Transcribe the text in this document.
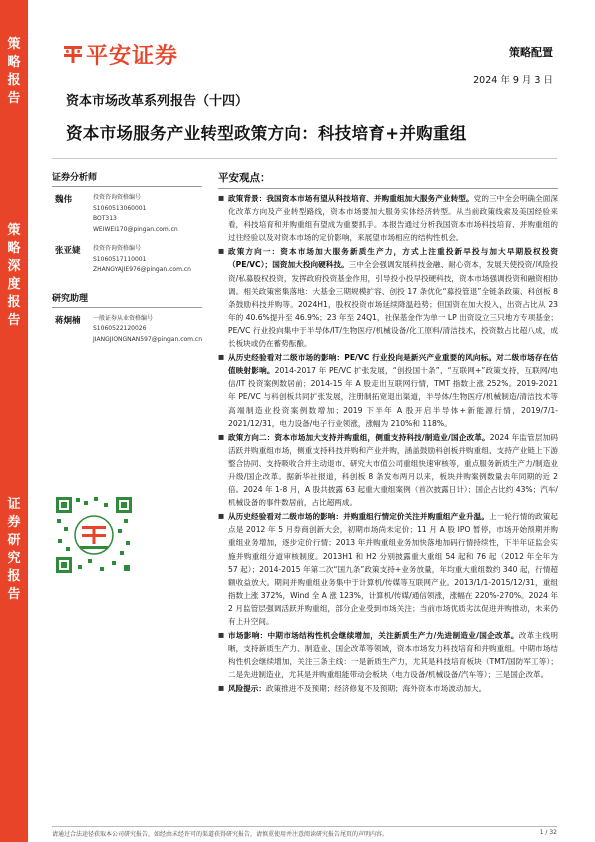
策
略
报
告
策
略
深
度
报
告
证
券
研
究
报
告
平安证券	策略配置
2024 年 9 月 3 日
资本市场改革系列报告（十四）
资本市场服务产业转型政策方向：科技培育+并购重组
证券分析师
魏伟	投资咨询资格编号
S1060513060001
BOT313
WEIWEI170@pingan.com.cn
张亚婕 投资咨询资格编号
S1060517110001
ZHANGYAJIE976@pingan.com.cn
研究助理
蒋炯楠 一般证券从业资格编号
S1060522120026
JIANGJIONGNAN597@pingan.com.cn
平安观点：
■ 政策背景：我国资本市场有望从科技培育、并购重组加大服务产业转型。党的三中全会明确全面深化改革方向及产业转型路线，资本市场要加大服务实体经济转型。从当前政策线索及美国经验来看，科技培育和并购重组有望成为重要抓手。本报告通过分析我国资本市场科技培育、并购重组的过往经验以及对资本市场的定价影响，来展望市场相应的结构性机会。
■ 政策方向一：资本市场加大服务新质生产力，方式上注重投新早投与加大早期股权投资（PE/VC）；国资加大投向硬科技。三中全会强调发展科技金融、耐心资本，发展天使投资/风险投资/私募股权投资，发挥政府投资基金作用，引导投小投早投硬科技，资本市场强调投资和融资相协调。相关政策密集落地：大基金三期规模扩容、创投 17 条优化“募投管退”全链条政策、科创板 8 条鼓励科技并购等。2024H1，股权投资市场延续降温趋势；但国资在加大投入，出资占比从 23 年的 40.6%提升至 46.9%；23 年至 24Q1，社保基金作为单一 LP 出资设立三只地方专项基金；PE/VC 行业投向集中于半导体/IT/生物医疗/机械设备/化工原料/清洁技术，投资数占比超八成，成长板块或仍在蓄势酝酿。
■ 从历史经验看对二级市场的影响：PE/VC 行业投向是新兴产业重要的风向标。对二级市场存在估值映射影响。2014-2017 年 PE/VC 扩张发展，“创投国十条”、“互联网+”政策支持，互联网/电信/IT 投资案例数居前；2014-15 年 A 股走出互联网行情，TMT 指数上涨 252%。2019-2021 年 PE/VC 与科创板共同扩张发展，注册制拓宽退出渠道，半导体/生物医疗/机械制造/清洁技术等高端制造业投资案例数增加；2019 下半年 A 股开启半导体+新能源行情，2019/7/1-2021/12/31，电力设备/电子行业领涨，涨幅为 210%和 118%。
■ 政策方向二：资本市场加大支持并购重组，侧重支持科技/制造业/国企改革。2024 年监管层加码活跃并购重组市场，侧重支持科技并购和产业并购，涵盖鼓励科创板并购重组、支持产业链上下游整合协同、支持吸收合并主动退市、研究大市值公司重组快速审核等，重点服务新质生产力/制造业升级/国企改革。据新华社报道，科创板 8 条发布两月以来，板块并购案例数量去年同期的近 2 倍。2024 年 1-8 月，A 股共披露 63 起重大重组案例（首次披露日计）；国企占比约 43%；汽车/机械设备的事件数居前，占比超两成。
■ 从历史经验看对二级市场的影响：并购重组行情定价关注并购重组产业升温。上一轮行情的政策起点是 2012 年 5 月券商创新大会，初期市场尚未定价；11 月 A 股 IPO 暂停，市场开始预期并购重组业务增加，逐步定价行情；2013 年并购重组业务加快落地加码行情持续性，下半年证监会实施并购重组分道审核制度。2013H1 和 H2 分别披露重大重组 54 起和 76 起（2012 年全年为 57 起）；2014-2015 年第二次“国九条”政策支持+业务放量，年均重大重组数约 340 起，行情超额收益放大。期间并购重组业务集中于计算机/传媒等互联网产业。2013/1/1-2015/12/31，重组指数上涨 372%，Wind 全 A 涨 123%，计算机/传媒/通信领涨，涨幅在 220%-270%。2024 年 2 月监管层强调活跃并购重组，部分企业受到市场关注；当前市场优质劣汰促进并购推动，未来仍有上升空间。
■ 市场影响：中期市场结构性机会继续增加，关注新质生产力/先进制造业/国企改革。改革主线明晰，支持新质生产力、制造业、国企改革等领域，资本市场发力科技培育和并购重组。中期市场结构性机会继续增加，关注三条主线：一是新质生产力，尤其是科技培育板块（TMT/国防军工等）；二是先进制造业，尤其是并购重组能带动会板块（电力设备/机械设备/汽车等）；三是国企改革。
■ 风险提示：政策推进不及预期；经济修复不及预期；海外资本市场波动加大。
请通过合法途径获取本公司研究报告，如经由未经许可的渠道获得研究报告，请慎重使用并注意阅读研究报告尾页的声明内容。	1 / 32
